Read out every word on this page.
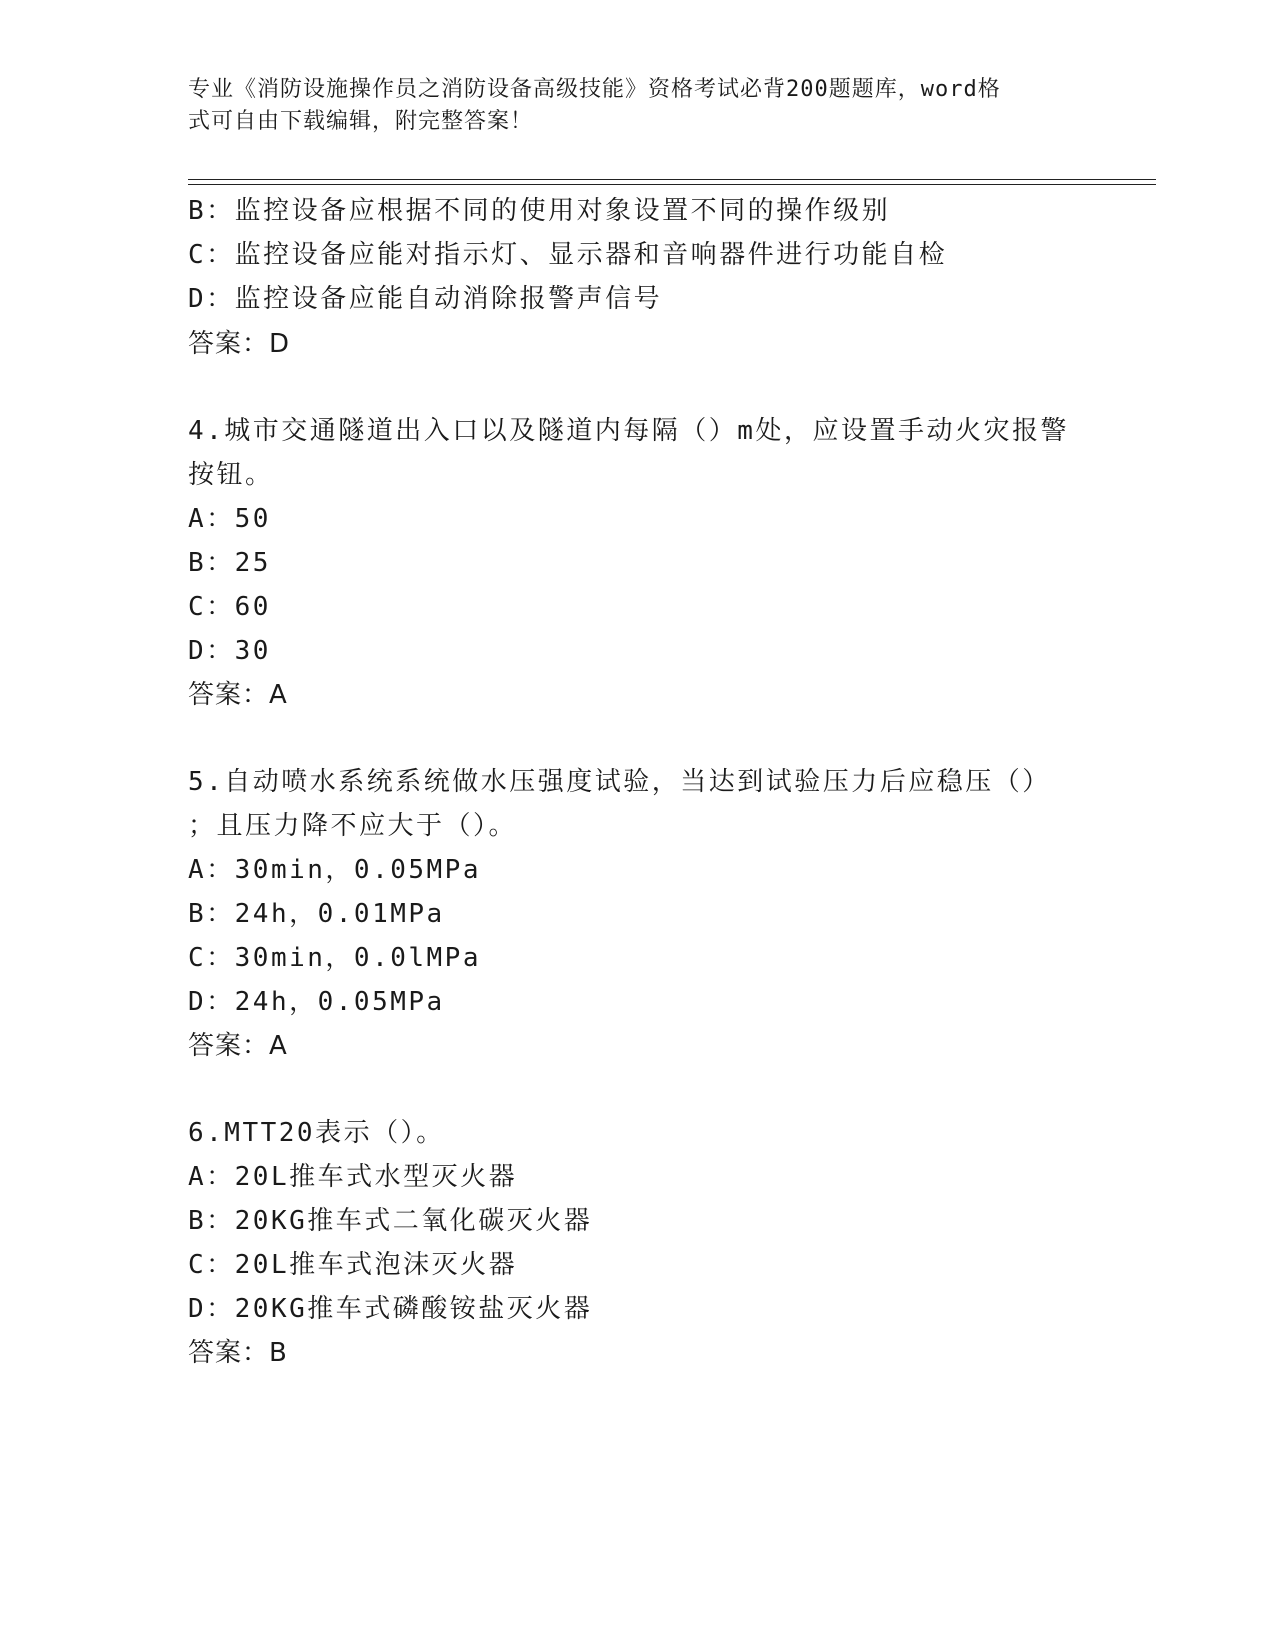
专业《消防设施操作员之消防设备高级技能》资格考试必背200题题库，word格
式可自由下载编辑，附完整答案！
B：监控设备应根据不同的使用对象设置不同的操作级别
C：监控设备应能对指示灯、显示器和音响器件进行功能自检
D：监控设备应能自动消除报警声信号
答案：D
4.城市交通隧道出入口以及隧道内每隔（）m处，应设置手动火灾报警
按钮。
A：50
B：25
C：60
D：30
答案：A
5.自动喷水系统系统做水压强度试验，当达到试验压力后应稳压（）
；且压力降不应大于（）。
A：30min，0.05MPa
B：24h，0.01MPa
C：30min，0.0lMPa
D：24h，0.05MPa
答案：A
6.MTT20表示（）。
A：20L推车式水型灭火器
B：20KG推车式二氧化碳灭火器
C：20L推车式泡沫灭火器
D：20KG推车式磷酸铵盐灭火器
答案：B
